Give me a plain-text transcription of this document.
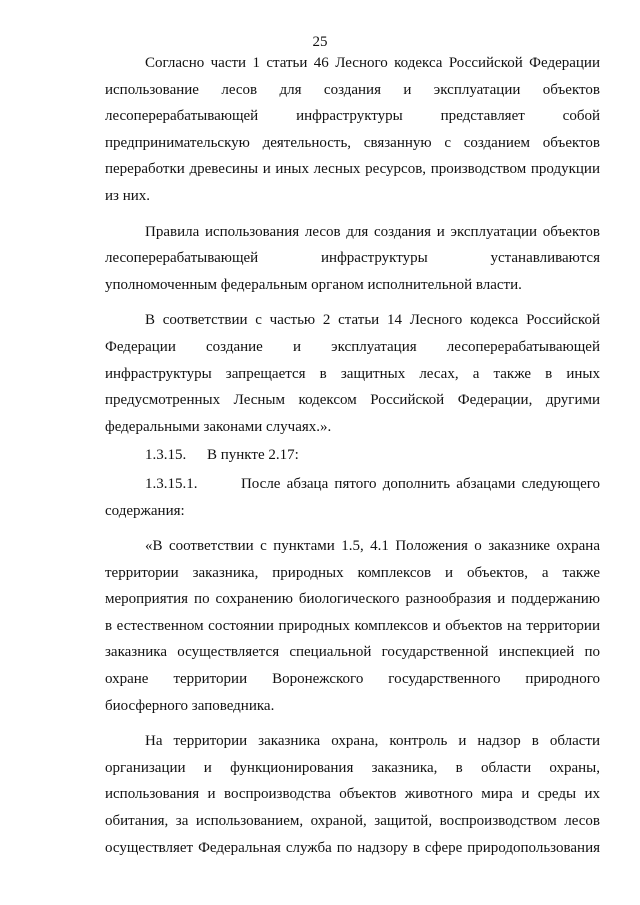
25
Согласно части 1 статьи 46 Лесного кодекса Российской Федерации
использование лесов для создания и эксплуатации объектов
лесоперерабатывающей инфраструктуры представляет собой
предпринимательскую деятельность, связанную с созданием объектов
переработки древесины и иных лесных ресурсов, производством продукции
из них.
Правила использования лесов для создания и эксплуатации объектов
лесоперерабатывающей инфраструктуры устанавливаются
уполномоченным федеральным органом исполнительной власти.
В соответствии с частью 2 статьи 14 Лесного кодекса Российской
Федерации создание и эксплуатация лесоперерабатывающей
инфраструктуры запрещается в защитных лесах, а также в иных
предусмотренных Лесным кодексом Российской Федерации, другими
федеральными законами случаях.».
1.3.15. В пункте 2.17:
1.3.15.1.	После абзаца пятого дополнить абзацами следующего
содержания:
«В соответствии с пунктами 1.5, 4.1 Положения о заказнике охрана
территории заказника, природных комплексов и объектов, а также
мероприятия по сохранению биологического разнообразия и поддержанию
в естественном состоянии природных комплексов и объектов на территории
заказника осуществляется специальной государственной инспекцией по
охране территории Воронежского государственного природного
биосферного заповедника.
На территории заказника охрана, контроль и надзор в области
организации и функционирования заказника, в области охраны,
использования и воспроизводства объектов животного мира и среды их
обитания, за использованием, охраной, защитой, воспроизводством лесов
осуществляет Федеральная служба по надзору в сфере природопользования
